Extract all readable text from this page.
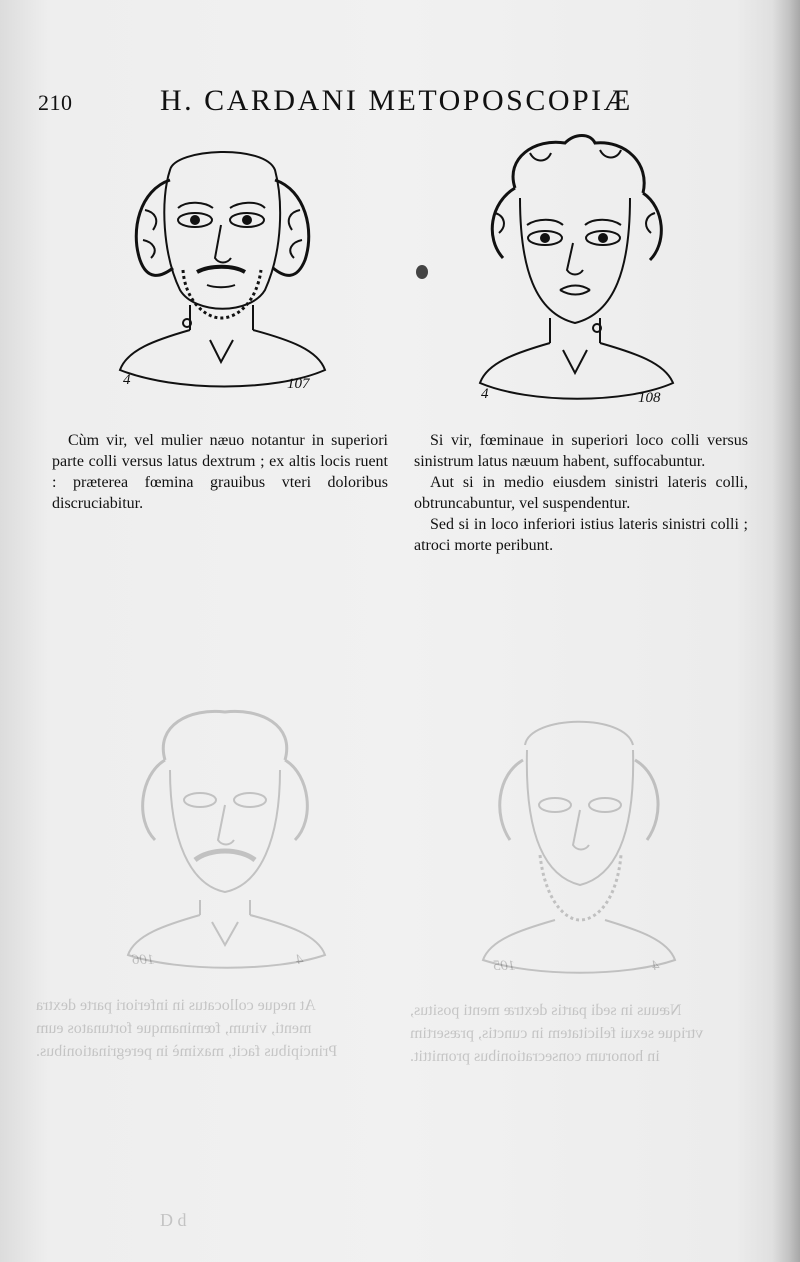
210	H. CARDANI METOPOSCOPIÆ
4	107
4	108

Cùm vir, vel mulier næuo notantur in superiori parte colli versus latus dextrum ; ex altis locis ruent : præterea fœmina grauibus vteri doloribus discruciabitur.

Si vir, fœminaue in superiori loco colli versus sinistrum latus næuum habent, suffocabuntur.

Aut si in medio eiusdem sinistri lateris colli, obtruncabuntur, vel suspendentur.

Sed si in loco inferiori istius lateris sinistri colli ; atroci morte peribunt.

106	4	105	4
At neque collocatus in inferiori parte dextra
menti, virum, fœminamque fortunatos eum
Principibus facit, maximè in peregrinationibus.
Næuus in sedi partis dextræ menti positus,
vtrique sexui felicitatem in cunctis, præsertim
in honorum consecrationibus promittit.
D d
